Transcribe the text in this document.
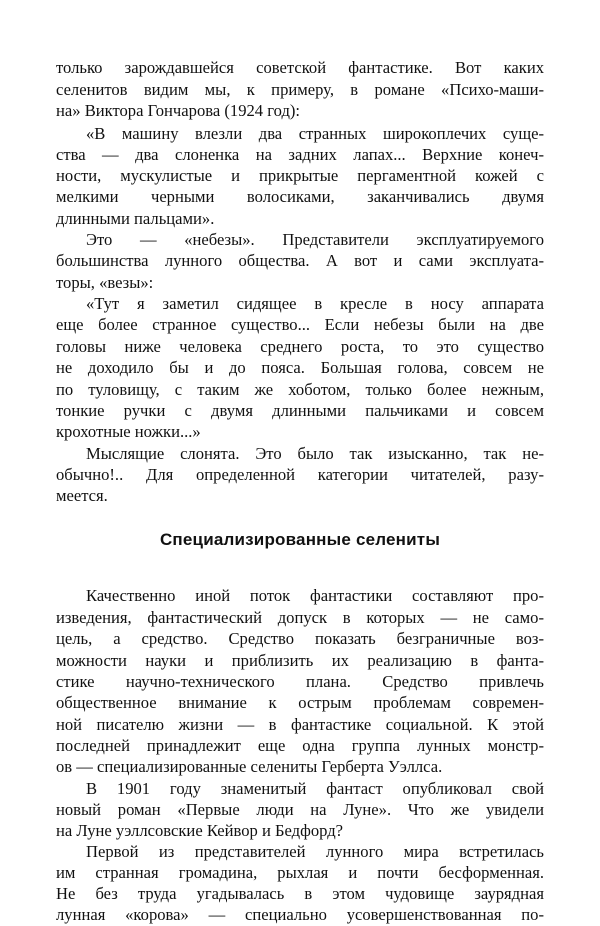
только зарождавшейся советской фантастике. Вот каких
селенитов видим мы, к примеру, в романе «Психо-маши-
на» Виктора Гончарова (1924 год):
«В машину влезли два странных широкоплечих суще-
ства — два слоненка на задних лапах... Верхние конеч-
ности, мускулистые и прикрытые пергаментной кожей с
мелкими черными волосиками, заканчивались двумя
длинными пальцами».
Это — «небезы». Представители эксплуатируемого
большинства лунного общества. А вот и сами эксплуата-
торы, «везы»:
«Тут я заметил сидящее в кресле в носу аппарата
еще более странное существо... Если небезы были на две
головы ниже человека среднего роста, то это существо
не доходило бы и до пояса. Большая голова, совсем не
по туловищу, с таким же хоботом, только более нежным,
тонкие ручки с двумя длинными пальчиками и совсем
крохотные ножки...»
Мыслящие слонята. Это было так изысканно, так не-
обычно!.. Для определенной категории читателей, разу-
меется.
Специализированные селениты
Качественно иной поток фантастики составляют про-
изведения, фантастический допуск в которых — не само-
цель, а средство. Средство показать безграничные воз-
можности науки и приблизить их реализацию в фанта-
стике научно-технического плана. Средство привлечь
общественное внимание к острым проблемам современ-
ной писателю жизни — в фантастике социальной. К этой
последней принадлежит еще одна группа лунных монстр-
ов — специализированные селениты Герберта Уэллса.
В 1901 году знаменитый фантаст опубликовал свой
новый роман «Первые люди на Луне». Что же увидели
на Луне уэллсовские Кейвор и Бедфорд?
Первой из представителей лунного мира встретилась
им странная громадина, рыхлая и почти бесформенная.
Не без труда угадывалась в этом чудовище заурядная
лунная «корова» — специально усовершенствованная по-
